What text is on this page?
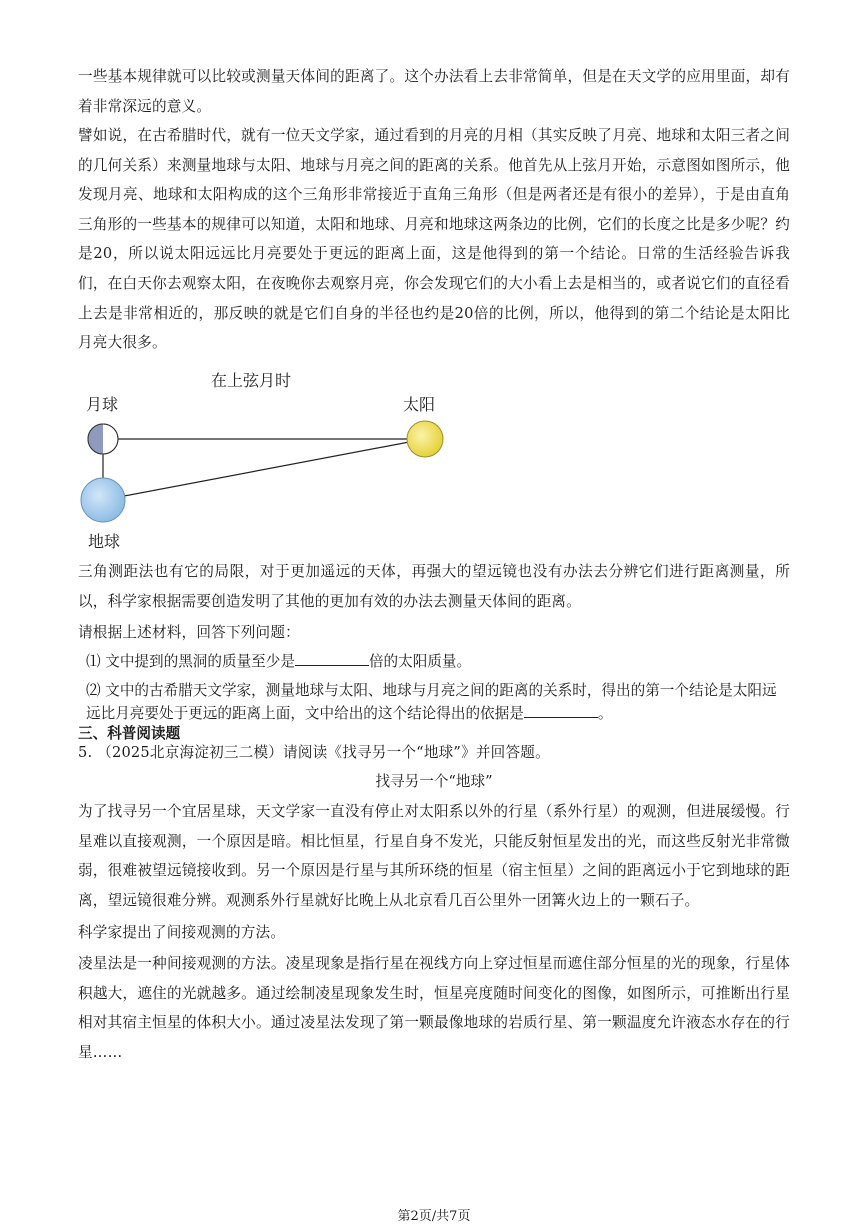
一些基本规律就可以比较或测量天体间的距离了。这个办法看上去非常简单，但是在天文学的应用里面，却有着非常深远的意义。
譬如说，在古希腊时代，就有一位天文学家，通过看到的月亮的月相（其实反映了月亮、地球和太阳三者之间的几何关系）来测量地球与太阳、地球与月亮之间的距离的关系。他首先从上弦月开始，示意图如图所示，他发现月亮、地球和太阳构成的这个三角形非常接近于直角三角形（但是两者还是有很小的差异），于是由直角三角形的一些基本的规律可以知道，太阳和地球、月亮和地球这两条边的比例，它们的长度之比是多少呢？约是20，所以说太阳远远比月亮要处于更远的距离上面，这是他得到的第一个结论。日常的生活经验告诉我们，在白天你去观察太阳，在夜晚你去观察月亮，你会发现它们的大小看上去是相当的，或者说它们的直径看上去是非常相近的，那反映的就是它们自身的半径也约是20倍的比例，所以，他得到的第二个结论是太阳比月亮大很多。
在上弦月时
月球	太阳
地球
三角测距法也有它的局限，对于更加遥远的天体，再强大的望远镜也没有办法去分辨它们进行距离测量，所以，科学家根据需要创造发明了其他的更加有效的办法去测量天体间的距离。
请根据上述材料，回答下列问题：
⑴ 文中提到的黑洞的质量至少是	倍的太阳质量。
⑵ 文中的古希腊天文学家，测量地球与太阳、地球与月亮之间的距离的关系时，得出的第一个结论是太阳远远比月亮要处于更远的距离上面，文中给出的这个结论得出的依据是	。
三、科普阅读题
5. （2025北京海淀初三二模）请阅读《找寻另一个“地球”》并回答题。
找寻另一个“地球”
为了找寻另一个宜居星球，天文学家一直没有停止对太阳系以外的行星（系外行星）的观测，但进展缓慢。行星难以直接观测，一个原因是暗。相比恒星，行星自身不发光，只能反射恒星发出的光，而这些反射光非常微弱，很难被望远镜接收到。另一个原因是行星与其所环绕的恒星（宿主恒星）之间的距离远小于它到地球的距离，望远镜很难分辨。观测系外行星就好比晚上从北京看几百公里外一团篝火边上的一颗石子。
科学家提出了间接观测的方法。
凌星法是一种间接观测的方法。凌星现象是指行星在视线方向上穿过恒星而遮住部分恒星的光的现象，行星体积越大，遮住的光就越多。通过绘制凌星现象发生时，恒星亮度随时间变化的图像，如图所示，可推断出行星相对其宿主恒星的体积大小。通过凌星法发现了第一颗最像地球的岩质行星、第一颗温度允许液态水存在的行星……
第2页/共7页
